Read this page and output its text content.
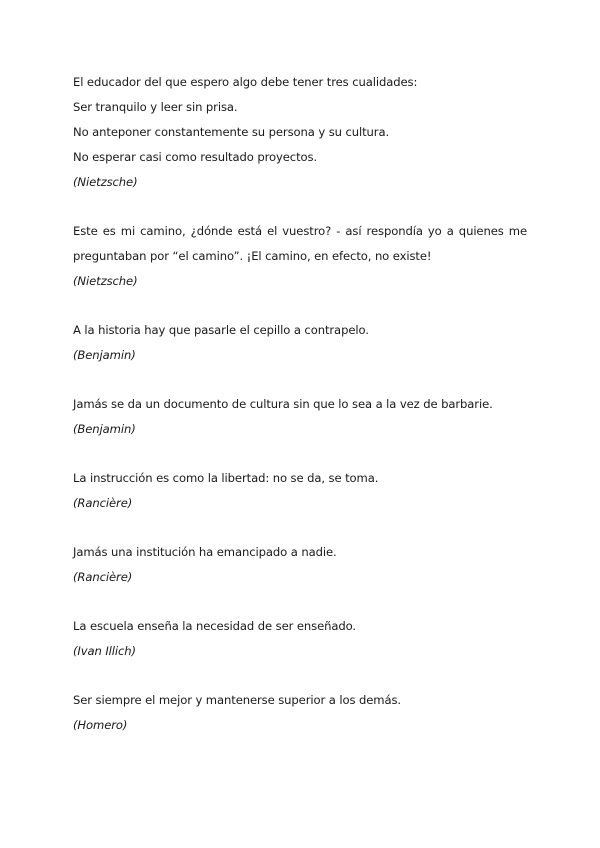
El educador del que espero algo debe tener tres cualidades:

Ser tranquilo y leer sin prisa.

No anteponer constantemente su persona y su cultura.

No esperar casi como resultado proyectos.

(Nietzsche)

Este es mi camino, ¿dónde está el vuestro? - así respondía yo a quienes me preguntaban por “el camino”. ¡El camino, en efecto, no existe!

(Nietzsche)

A la historia hay que pasarle el cepillo a contrapelo.

(Benjamin)

Jamás se da un documento de cultura sin que lo sea a la vez de barbarie.

(Benjamin)

La instrucción es como la libertad: no se da, se toma.

(Rancière)

Jamás una institución ha emancipado a nadie.

(Rancière)

La escuela enseña la necesidad de ser enseñado.

(Ivan Illich)

Ser siempre el mejor y mantenerse superior a los demás.

(Homero)
